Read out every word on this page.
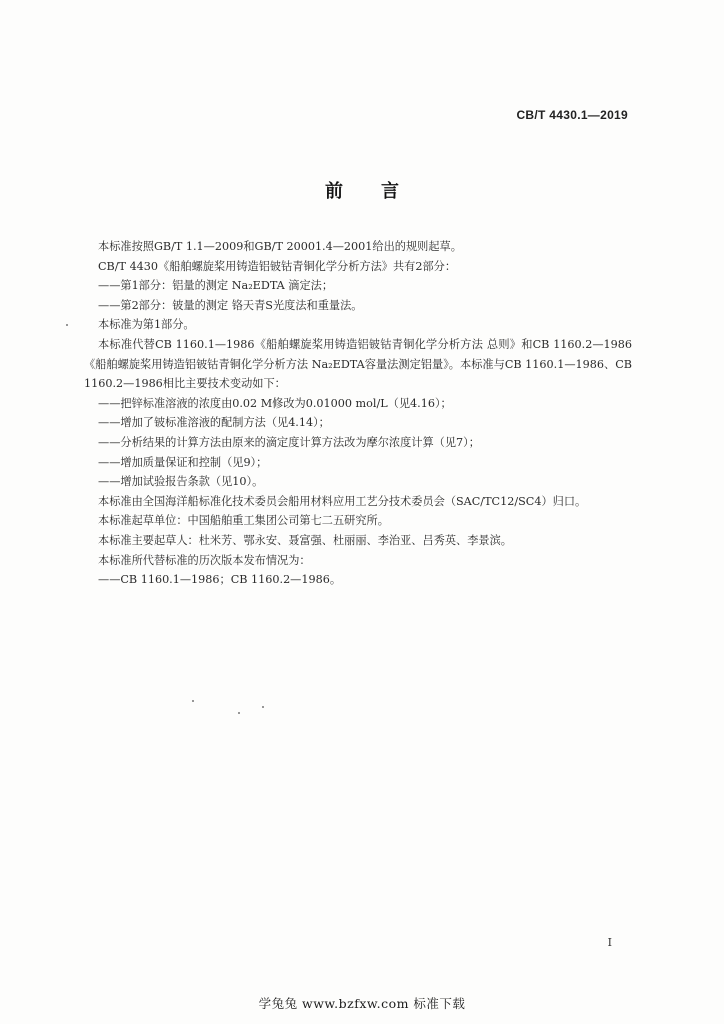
CB/T 4430.1—2019
前言

本标准按照GB/T 1.1—2009和GB/T 20001.4—2001给出的规则起草。

CB/T 4430《船舶螺旋桨用铸造铝铍钴青铜化学分析方法》共有2部分：

——第1部分：铝量的测定 Na₂EDTA 滴定法；

——第2部分：铍量的测定 铬天青S光度法和重量法。

本标准为第1部分。

本标准代替CB 1160.1—1986《船舶螺旋桨用铸造铝铍钴青铜化学分析方法 总则》和CB 1160.2—1986《船舶螺旋桨用铸造铝铍钴青铜化学分析方法 Na₂EDTA容量法测定铝量》。本标准与CB 1160.1—1986、CB 1160.2—1986相比主要技术变动如下：

——把锌标准溶液的浓度由0.02 M修改为0.01000 mol/L（见4.16）；

——增加了铍标准溶液的配制方法（见4.14）；

——分析结果的计算方法由原来的滴定度计算方法改为摩尔浓度计算（见7）；

——增加质量保证和控制（见9）；

——增加试验报告条款（见10）。

本标准由全国海洋船标准化技术委员会船用材料应用工艺分技术委员会（SAC/TC12/SC4）归口。

本标准起草单位：中国船舶重工集团公司第七二五研究所。

本标准主要起草人：杜米芳、鄂永安、聂富强、杜丽丽、李治亚、吕秀英、李景滨。

本标准所代替标准的历次版本发布情况为：

——CB 1160.1—1986；CB 1160.2—1986。

I
学兔兔 www.bzfxw.com 标准下载
